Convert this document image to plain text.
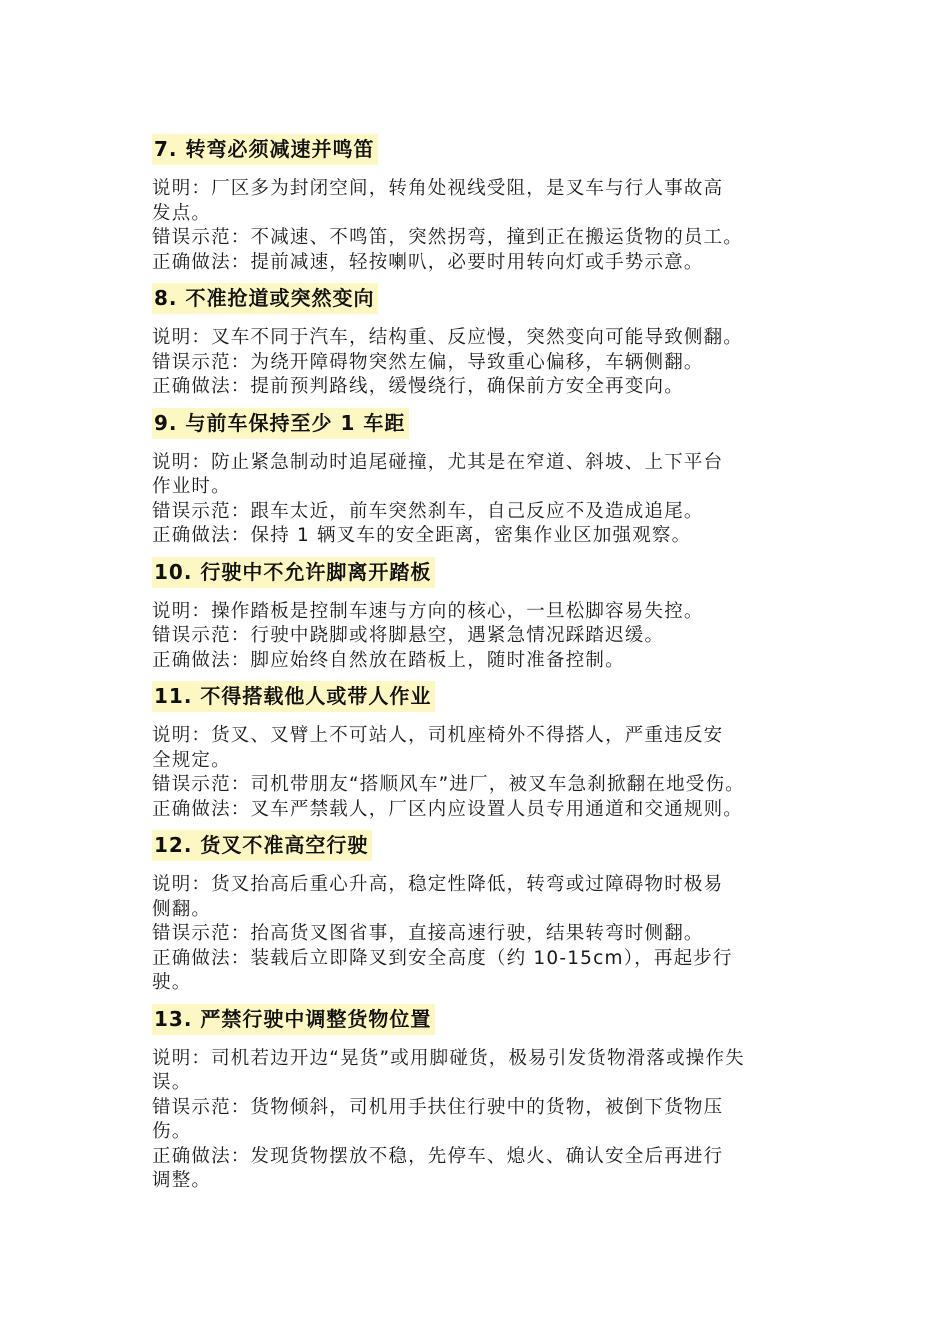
7. 转弯必须减速并鸣笛

说明：厂区多为封闭空间，转角处视线受阻，是叉车与行人事故高

发点。

错误示范：不减速、不鸣笛，突然拐弯，撞到正在搬运货物的员工。

正确做法：提前减速，轻按喇叭，必要时用转向灯或手势示意。

8. 不准抢道或突然变向

说明：叉车不同于汽车，结构重、反应慢，突然变向可能导致侧翻。

错误示范：为绕开障碍物突然左偏，导致重心偏移，车辆侧翻。

正确做法：提前预判路线，缓慢绕行，确保前方安全再变向。

9. 与前车保持至少 1 车距

说明：防止紧急制动时追尾碰撞，尤其是在窄道、斜坡、上下平台

作业时。

错误示范：跟车太近，前车突然刹车，自己反应不及造成追尾。

正确做法：保持 1 辆叉车的安全距离，密集作业区加强观察。

10. 行驶中不允许脚离开踏板

说明：操作踏板是控制车速与方向的核心，一旦松脚容易失控。

错误示范：行驶中跷脚或将脚悬空，遇紧急情况踩踏迟缓。

正确做法：脚应始终自然放在踏板上，随时准备控制。

11. 不得搭载他人或带人作业

说明：货叉、叉臂上不可站人，司机座椅外不得搭人，严重违反安

全规定。

错误示范：司机带朋友“搭顺风车”进厂，被叉车急刹掀翻在地受伤。

正确做法：叉车严禁载人，厂区内应设置人员专用通道和交通规则。

12. 货叉不准高空行驶

说明：货叉抬高后重心升高，稳定性降低，转弯或过障碍物时极易

侧翻。

错误示范：抬高货叉图省事，直接高速行驶，结果转弯时侧翻。

正确做法：装载后立即降叉到安全高度（约 10-15cm），再起步行

驶。

13. 严禁行驶中调整货物位置

说明：司机若边开边“晃货”或用脚碰货，极易引发货物滑落或操作失

误。

错误示范：货物倾斜，司机用手扶住行驶中的货物，被倒下货物压

伤。

正确做法：发现货物摆放不稳，先停车、熄火、确认安全后再进行

调整。
